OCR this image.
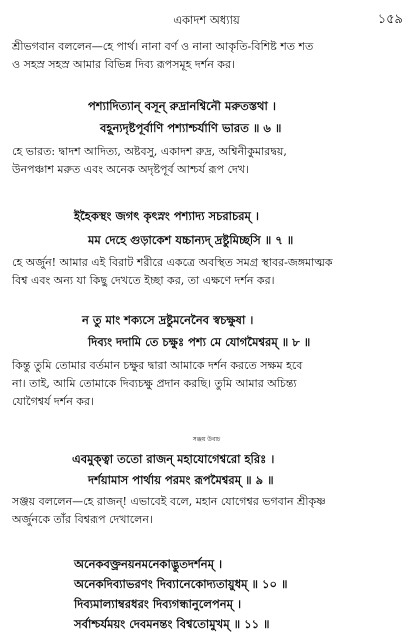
একাদশ অধ্যায়	১৫৯
শ্রীভগবান বললেন—হে পার্থ। নানা বর্ণ ও নানা আকৃতি-বিশিষ্ট শত শত
ও সহস্র সহস্র আমার বিভিন্ন দিব্য রূপসমূহ দর্শন কর।
পশ্যাদিত্যান্‌ বসূন্‌ রুদ্রানশ্বিনৌ মরুতস্তথা ।
বহূন্যদৃষ্টপূর্বাণি পশ্যাশ্চর্যাণি ভারত ॥ ৬ ॥
হে ভারত: দ্বাদশ আদিত্য, অষ্টবসু, একাদশ রুদ্র, অশ্বিনীকুমারদ্বয়,
উনপঞ্চাশ মরুত এবং অনেক অদৃষ্টপূর্ব আশ্চর্য রূপ দেখ।
ইহৈকস্থং জগৎ কৃৎস্নং পশ্যাদ্য সচরাচরম্‌ ।
মম দেহে গুড়াকেশ যচ্চান্যদ্‌ দ্রষ্টুমিচ্ছসি ॥ ৭ ॥
হে অর্জুন! আমার এই বিরাট শরীরে একত্রে অবস্থিত সমগ্র স্থাবর-জঙ্গমাত্মক
বিশ্ব এবং অন্য যা কিছু দেখতে ইচ্ছা কর, তা এক্ষণে দর্শন কর।
ন তু মাং শক্যসে দ্রষ্টুমনেনৈব স্বচক্ষুষা ।
দিব্যং দদামি তে চক্ষুঃ পশ্য মে যোগমৈশ্বরম্‌ ॥ ৮ ॥
কিন্তু তুমি তোমার বর্তমান চক্ষুর দ্বারা আমাকে দর্শন করতে সক্ষম হবে
না। তাই, আমি তোমাকে দিব্যচক্ষু প্রদান করছি। তুমি আমার অচিন্ত্য
যোগৈশ্বর্য দর্শন কর।
সঞ্জয় উবাচ
এবমুক্ত্বা ততো রাজন্‌ মহাযোগেশ্বরো হরিঃ ।
দর্শয়ামাস পার্থায় পরমং রূপমৈশ্বরম্‌ ॥ ৯ ॥
সঞ্জয় বললেন—হে রাজন্‌! এভাবেই বলে, মহান যোগেশ্বর ভগবান শ্রীকৃষ্ণ
অর্জুনকে তাঁর বিশ্বরূপ দেখালেন।
অনেকবক্ত্রনয়নমনেকাদ্ভুতদর্শনম্‌ ।
অনেকদিব্যাভরণং দিব্যানেকোদ্যতায়ুধম্‌ ॥ ১০ ॥
দিব্যমাল্যাম্বরধরং দিব্যগন্ধানুলেপনম্‌ ।
সর্বাশ্চর্যময়ং দেবমনন্তং বিশ্বতোমুখম্‌ ॥ ১১ ॥
